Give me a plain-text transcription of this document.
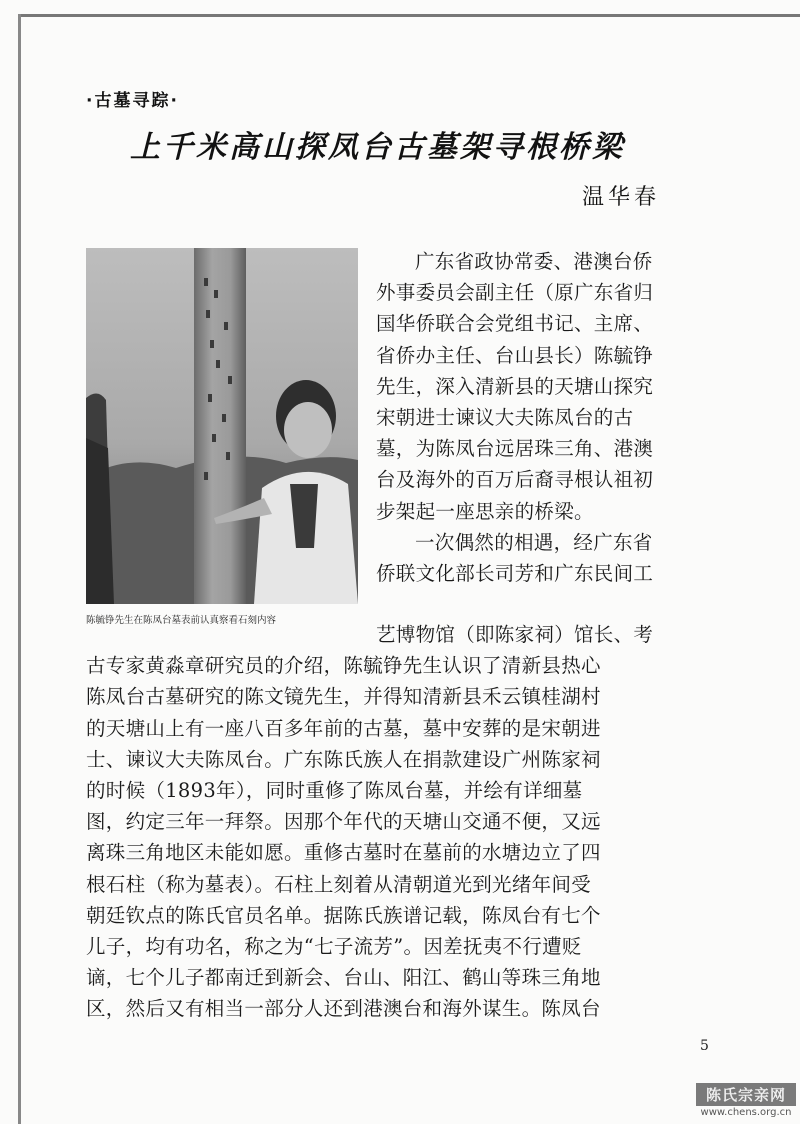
·古墓寻踪·
上千米高山探凤台古墓架寻根桥梁
温华春
陈毓铮先生在陈凤台墓表前认真察看石刻内容

广东省政协常委、港澳台侨
外事委员会副主任（原广东省归
国华侨联合会党组书记、主席、
省侨办主任、台山县长）陈毓铮
先生，深入清新县的天塘山探究
宋朝进士谏议大夫陈凤台的古
墓，为陈凤台远居珠三角、港澳
台及海外的百万后裔寻根认祖初
步架起一座思亲的桥梁。

一次偶然的相遇，经广东省
侨联文化部长司芳和广东民间工

艺博物馆（即陈家祠）馆长、考
古专家黄淼章研究员的介绍，陈毓铮先生认识了清新县热心
陈凤台古墓研究的陈文镜先生，并得知清新县禾云镇桂湖村
的天塘山上有一座八百多年前的古墓，墓中安葬的是宋朝进
士、谏议大夫陈凤台。广东陈氏族人在捐款建设广州陈家祠
的时候（1893年），同时重修了陈凤台墓，并绘有详细墓
图，约定三年一拜祭。因那个年代的天塘山交通不便，又远
离珠三角地区未能如愿。重修古墓时在墓前的水塘边立了四
根石柱（称为墓表）。石柱上刻着从清朝道光到光绪年间受
朝廷钦点的陈氏官员名单。据陈氏族谱记载，陈凤台有七个
儿子，均有功名，称之为“七子流芳”。因差抚夷不行遭贬
谪，七个儿子都南迁到新会、台山、阳江、鹤山等珠三角地
区，然后又有相当一部分人还到港澳台和海外谋生。陈凤台

5
陈氏宗亲网
www.chens.org.cn
